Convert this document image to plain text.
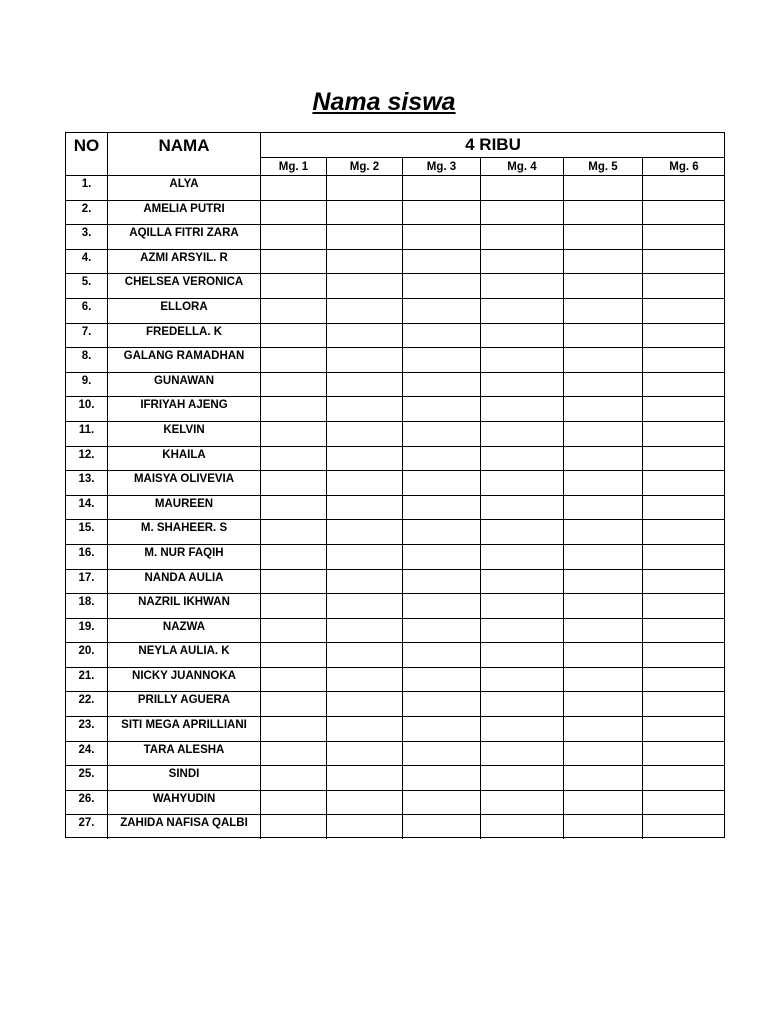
Nama siswa
NO	NAMA	4 RIBU
Mg. 1	Mg. 2	Mg. 3	Mg. 4	Mg. 5	Mg. 6
1.	ALYA
2.	AMELIA PUTRI
3.	AQILLA FITRI ZARA
4.	AZMI ARSYIL. R
5.	CHELSEA VERONICA
6.	ELLORA
7.	FREDELLA. K
8.	GALANG RAMADHAN
9.	GUNAWAN
10.	IFRIYAH AJENG
11.	KELVIN
12.	KHAILA
13.	MAISYA OLIVEVIA
14.	MAUREEN
15.	M. SHAHEER. S
16.	M. NUR FAQIH
17.	NANDA AULIA
18.	NAZRIL IKHWAN
19.	NAZWA
20.	NEYLA AULIA. K
21.	NICKY JUANNOKA
22.	PRILLY AGUERA
23.	SITI MEGA APRILLIANI
24.	TARA ALESHA
25.	SINDI
26.	WAHYUDIN
27.	ZAHIDA NAFISA QALBI
